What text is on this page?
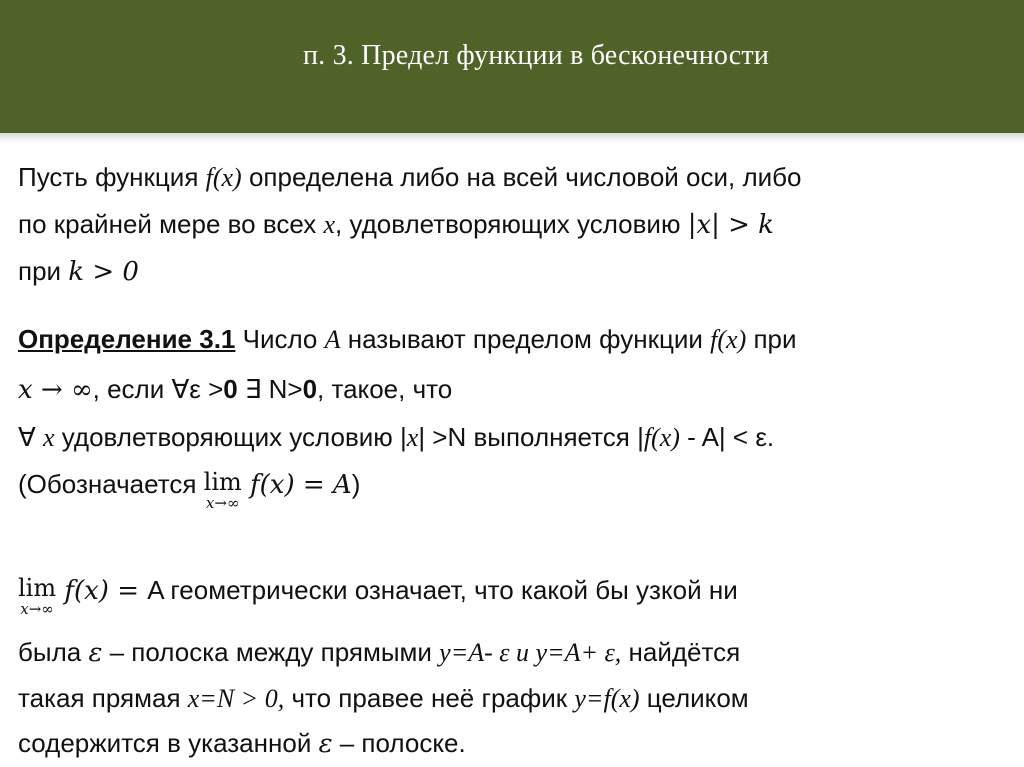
п. 3. Предел функции в бесконечности
Пусть функция f(x) определена либо на всей числовой оси, либо
по крайней мере во всех x, удовлетворяющих условию |x| > k
при k > 0
Определение 3.1 Число A называют пределом функции f(x) при
x → ∞, если ∀ε >0 ∃ N>0, такое, что
∀ x удовлетворяющих условию |x| >N выполняется |f(x) - A| < ε.
(Обозначается lim
x→∞
f(x) = A)
lim
x→∞
f(x) = A геометрически означает, что какой бы узкой ни
была ε – полоска между прямыми y=A- ε и y=A+ ε, найдётся
такая прямая x=N > 0, что правее неё график y=f(x) целиком
содержится в указанной ε – полоске.
